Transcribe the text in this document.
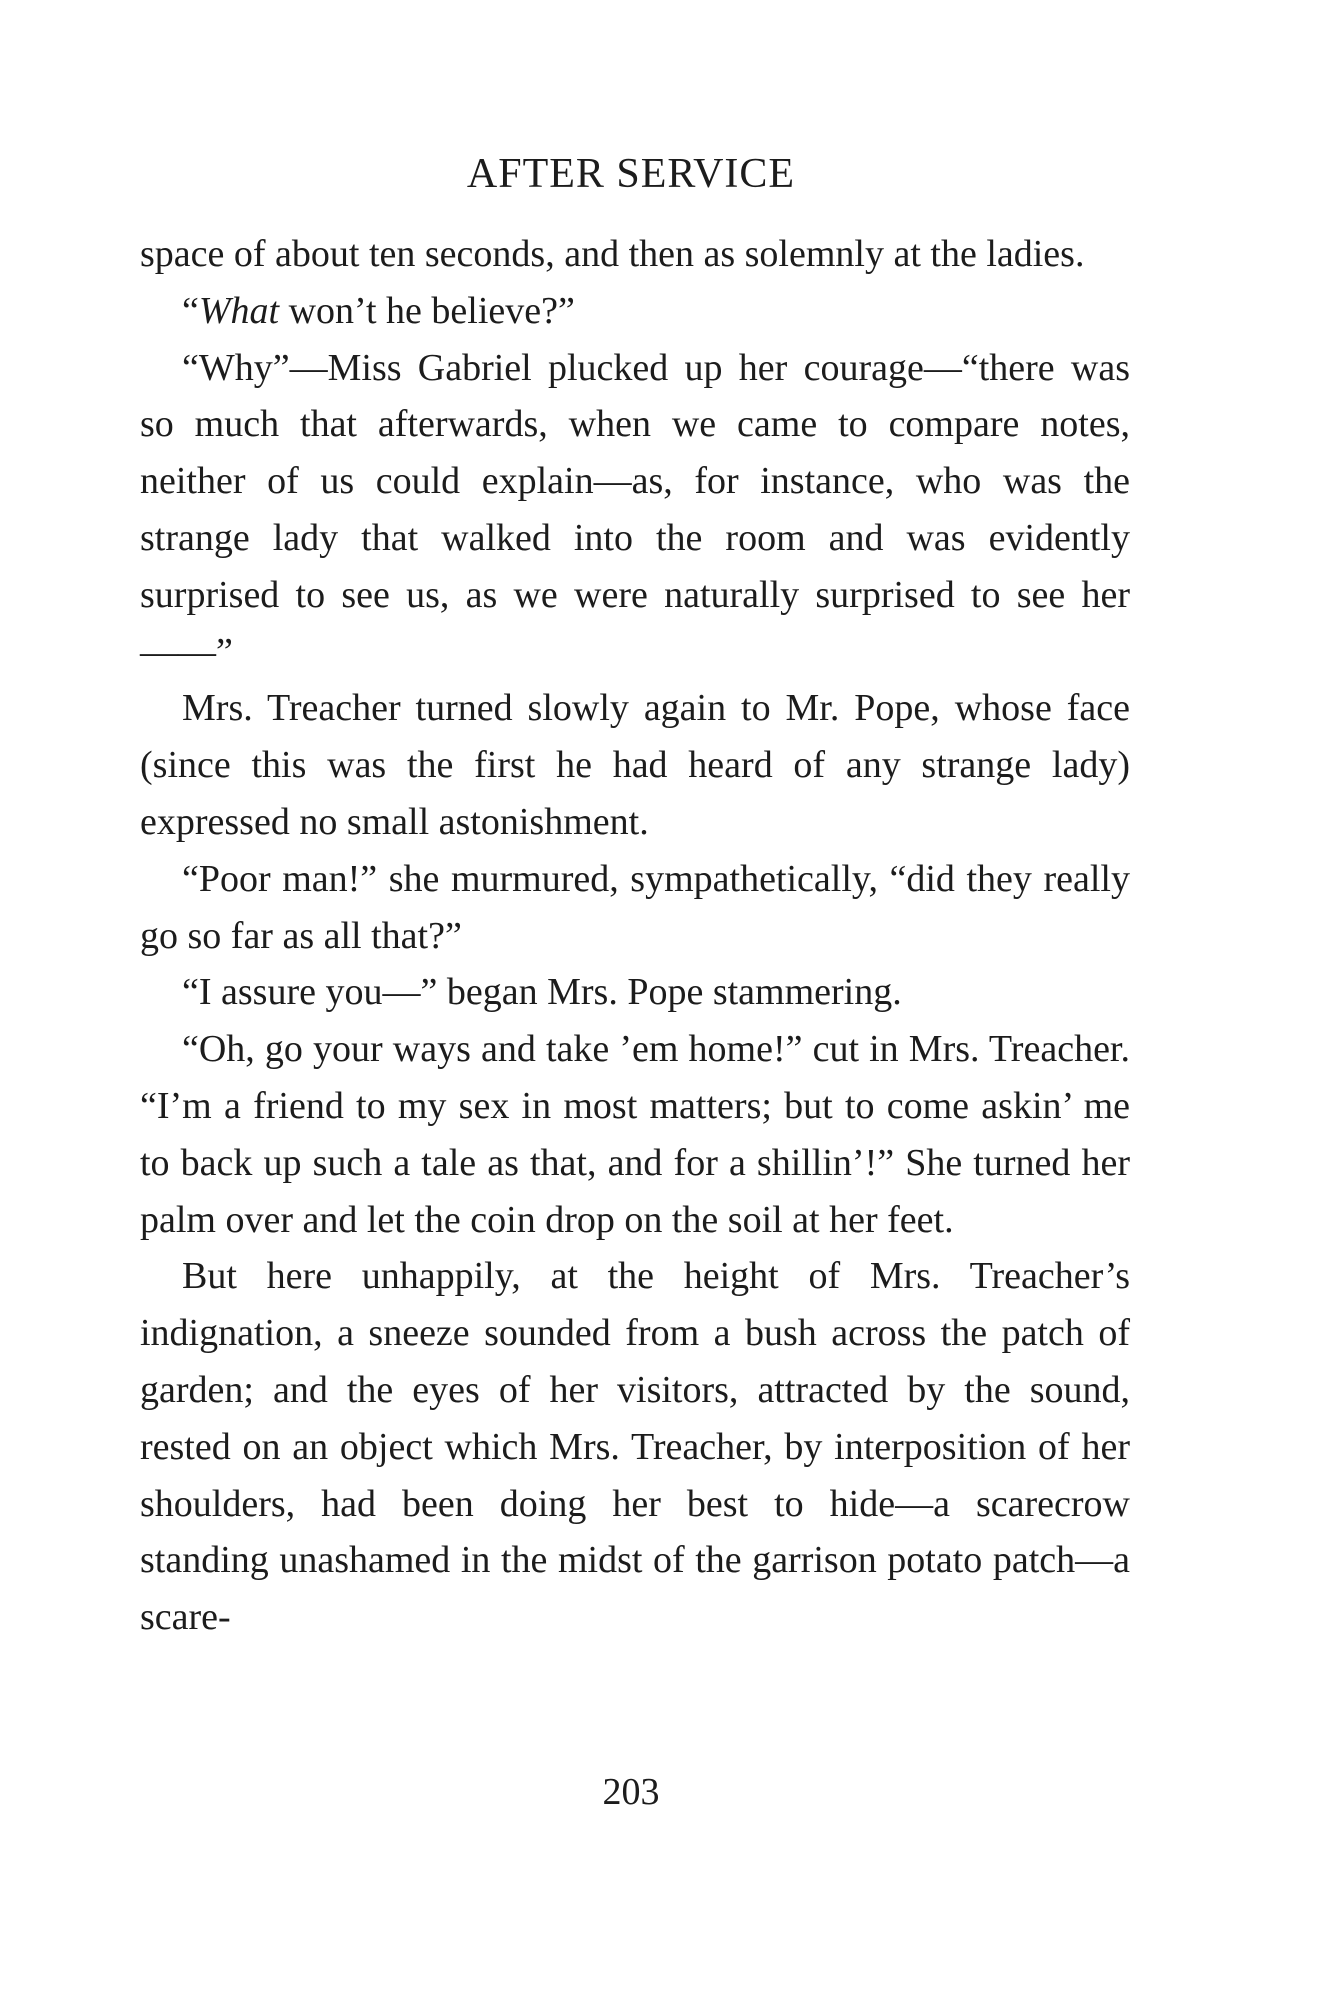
AFTER SERVICE

space of about ten seconds, and then as solemnly at the ladies.

“What won’t he believe?”

“Why”—Miss Gabriel plucked up her courage—“there was so much that afterwards, when we came to compare notes, neither of us could explain—as, for instance, who was the strange lady that walked into the room and was evidently surprised to see us, as we were naturally surprised to see her——”

Mrs. Treacher turned slowly again to Mr. Pope, whose face (since this was the first he had heard of any strange lady) expressed no small astonishment.

“Poor man!” she murmured, sympathetically, “did they really go so far as all that?”

“I assure you—” began Mrs. Pope stammering.

“Oh, go your ways and take ’em home!” cut in Mrs. Treacher. “I’m a friend to my sex in most matters; but to come askin’ me to back up such a tale as that, and for a shillin’!” She turned her palm over and let the coin drop on the soil at her feet.

But here unhappily, at the height of Mrs. Treacher’s indignation, a sneeze sounded from a bush across the patch of garden; and the eyes of her visitors, attracted by the sound, rested on an object which Mrs. Treacher, by interposition of her shoulders, had been doing her best to hide—a scarecrow standing unashamed in the midst of the garrison potato patch—a scare-

203
